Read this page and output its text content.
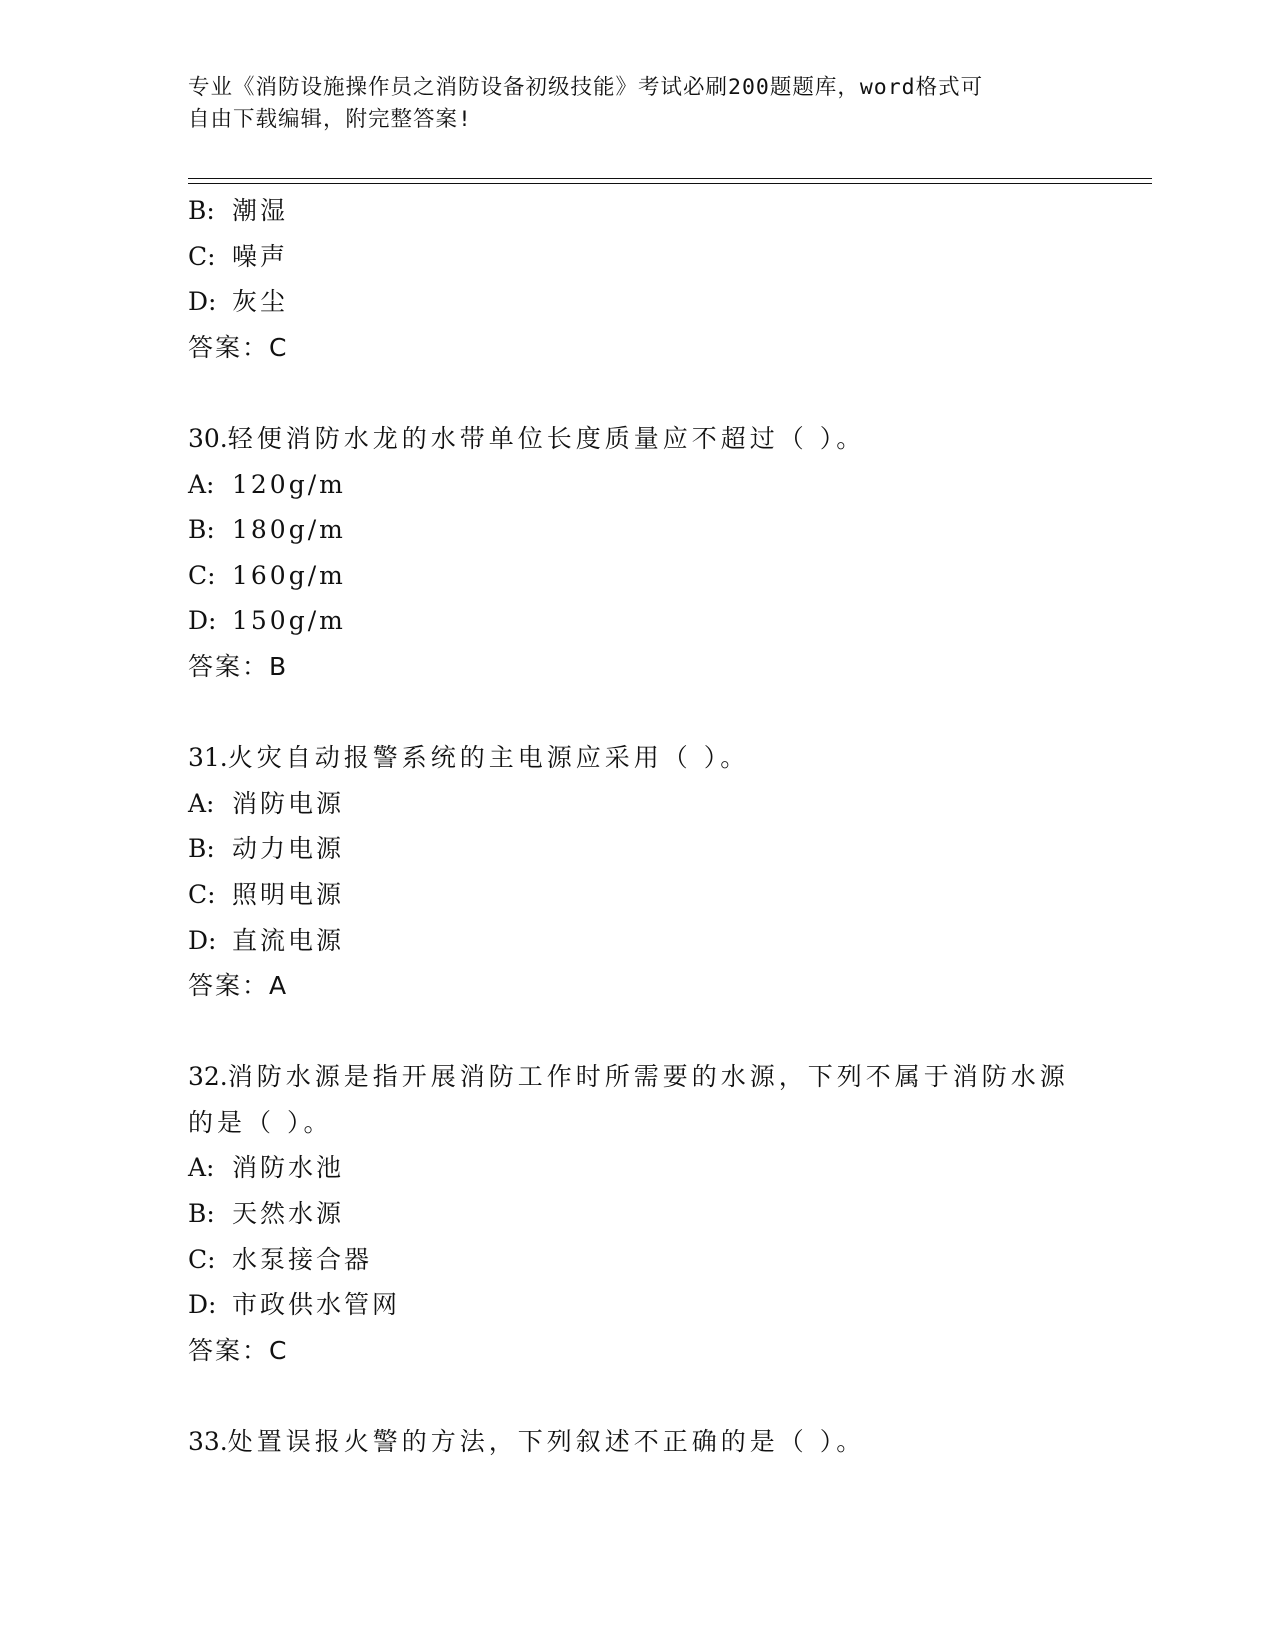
专业《消防设施操作员之消防设备初级技能》考试必刷200题题库，word格式可
自由下载编辑，附完整答案!
B: 潮湿
C: 噪声
D: 灰尘
答案：C
30.轻便消防水龙的水带单位长度质量应不超过（ ）。
A: 120g/m
B: 180g/m
C: 160g/m
D: 150g/m
答案：B
31.火灾自动报警系统的主电源应采用（ ）。
A: 消防电源
B: 动力电源
C: 照明电源
D: 直流电源
答案：A
32.消防水源是指开展消防工作时所需要的水源，下列不属于消防水源
的是（ ）。
A: 消防水池
B: 天然水源
C: 水泵接合器
D: 市政供水管网
答案：C
33.处置误报火警的方法，下列叙述不正确的是（ ）。
